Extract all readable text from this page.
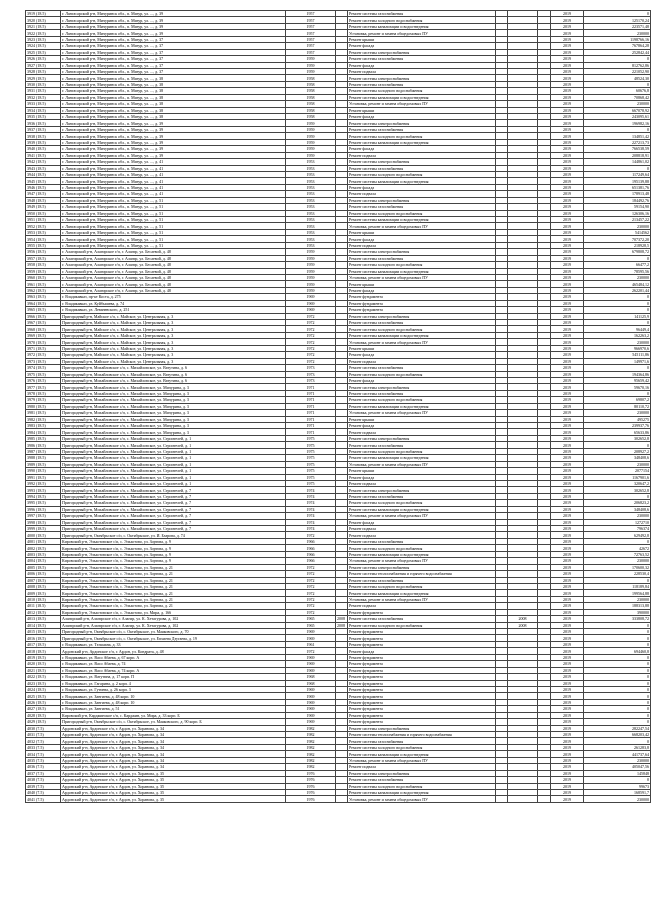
3919 (18.5)	г. Лангасарский р-н, Мичуринск обл., п. Мизур, ул. ..., д. 39	1957		Ремонт системы газоснабжения				2019	0
3920 (18.5)	г. Лангасарский р-н, Мичуринск обл., п. Мизур, ул. ..., д. 39	1957		Ремонт системы холодного водоснабжения				2019	125170,24
3921 (18.5)	г. Лангасарский р-н, Мичуринск обл., п. Мизур, ул. ..., д. 39	1957		Ремонт системы канализации и водоотведения				2019	223571,48
3922 (18.5)	г. Лангасарский р-н, Мичуринск обл., п. Мизур, ул. ..., д. 39	1957		Установка, ремонт и замена общедомовых ПУ				2019	230000
3923 (18.5)	г. Лангасарский р-н, Мичуринск обл., п. Мизур, ул. ..., д. 37	1957		Ремонт крыши				2019	1198766,16
3924 (18.5)	г. Лангасарский р-н, Мичуринск обл., п. Мизур, ул. ..., д. 37	1957		Ремонт фасада				2019	767864,28
3925 (18.5)	г. Лангасарский р-н, Мичуринск обл., п. Мизур, ул. ..., д. 37	1957		Ремонт системы электроснабжения				2019	252842,44
3926 (18.5)	г. Лангасарский р-н, Мичуринск обл., п. Мизур, ул. ..., д. 37	1959		Ремонт системы газоснабжения				2019	0
3927 (18.5)	г. Лангасарский р-н, Мичуринск обл., п. Мизур, ул. ..., д. 37	1959		Ремонт фасада				2019	812762,86
3928 (18.5)	г. Лангасарский р-н, Мичуринск обл., п. Мизур, ул. ..., д. 37	1959		Ремонт подвала				2019	221052,90
3929 (18.5)	г. Лангасарский р-н, Мичуринск обл., п. Мизур, ул. ..., д. 38	1958		Ремонт системы электроснабжения				2019	48524,30
3930 (18.5)	г. Лангасарский р-н, Мичуринск обл., п. Мизур, ул. ..., д. 38	1958		Ремонт системы газоснабжения				2019	0
3931 (18.5)	г. Лангасарский р-н, Мичуринск обл., п. Мизур, ул. ..., д. 38	1958		Ремонт системы холодного водоснабжения				2019	60676,8
3932 (18.5)	г. Лангасарский р-н, Мичуринск обл., п. Мизур, ул. ..., д. 38	1958		Ремонт системы канализации и водоотведения				2019	70868,42
3933 (18.5)	г. Лангасарский р-н, Мичуринск обл., п. Мизур, ул. ..., д. 38	1958		Установка, ремонт и замена общедомовых ПУ				2019	230000
3934 (18.5)	г. Лангасарский р-н, Мичуринск обл., п. Мизур, ул. ..., д. 38	1958		Ремонт крыши				2019	667078,92
3935 (18.5)	г. Лангасарский р-н, Мичуринск обл., п. Мизур, ул. ..., д. 38	1958		Ремонт фасада				2019	243095,61
3936 (18.5)	г. Лангасарский р-н, Мичуринск обл., п. Мизур, ул. ..., д. 39	1959		Ремонт системы электроснабжения				2019	196982,16
3937 (18.5)	г. Лангасарский р-н, Мичуринск обл., п. Мизур, ул. ..., д. 39	1959		Ремонт системы газоснабжения				2019	0
3938 (18.5)	г. Лангасарский р-н, Мичуринск обл., п. Мизур, ул. ..., д. 39	1959		Ремонт системы холодного водоснабжения				2019	134851,42
3939 (18.5)	г. Лангасарский р-н, Мичуринск обл., п. Мизур, ул. ..., д. 39	1959		Ремонт системы канализации и водоотведения				2019	227213,73
3940 (18.5)	г. Лангасарский р-н, Мичуринск обл., п. Мизур, ул. ..., д. 39	1959		Ремонт фасада				2019	766538,59
3941 (18.5)	г. Лангасарский р-н, Мичуринск обл., п. Мизур, ул. ..., д. 39	1959		Ремонт подвала				2019	208818,91
3942 (18.5)	г. Лангасарский р-н, Мичуринск обл., п. Мизур, ул. ..., д. 41	1953		Ремонт системы электроснабжения				2019	144861,02
3943 (18.5)	г. Лангасарский р-н, Мичуринск обл., п. Мизур, ул. ..., д. 41	1953		Ремонт системы газоснабжения				2019	0
3944 (18.5)	г. Лангасарский р-н, Мичуринск обл., п. Мизур, ул. ..., д. 41	1953		Ремонт системы холодного водоснабжения				2019	117249,64
3945 (18.5)	г. Лангасарский р-н, Мичуринск обл., п. Мизур, ул. ..., д. 41	1953		Ремонт системы канализации и водоотведения				2019	195139,88
3946 (18.5)	г. Лангасарский р-н, Мичуринск обл., п. Мизур, ул. ..., д. 41	1953		Ремонт фасада				2019	651381,76
3947 (18.5)	г. Лангасарский р-н, Мичуринск обл., п. Мизур, ул. ..., д. 41	1953		Ремонт подвала				2019	178913,48
3948 (18.5)	г. Лангасарский р-н, Мичуринск обл., п. Мизур, ул. ..., д. 51	1953		Ремонт системы электроснабжения				2019	184492,76
3949 (18.5)	г. Лангасарский р-н, Мичуринск обл., п. Мизур, ул. ..., д. 51	1953		Ремонт системы газоснабжения				2019	59154,90
3950 (18.5)	г. Лангасарский р-н, Мичуринск обл., п. Мизур, ул. ..., д. 51	1953		Ремонт системы холодного водоснабжения				2019	126306,16
3951 (18.5)	г. Лангасарский р-н, Мичуринск обл., п. Мизур, ул. ..., д. 51	1953		Ремонт системы канализации и водоотведения				2019	213457,22
3952 (18.5)	г. Лангасарский р-н, Мичуринск обл., п. Мизур, ул. ..., д. 51	1953		Установка, ремонт и замена общедомовых ПУ				2019	230000
3953 (18.5)	г. Лангасарский р-н, Мичуринск обл., п. Мизур, ул. ..., д. 51	1953		Ремонт крыши				2019	5414562
3954 (18.5)	г. Лангасарский р-н, Мичуринск обл., п. Мизур, ул. ..., д. 51	1953		Ремонт фасада				2019	707372,20
3955 (18.5)	г. Лангасарский р-н, Мичуринск обл., п. Мизур, ул. ..., д. 51	1953		Ремонт подвала				2019	218928,5
3956 (18.5)	г. Алагирский р-н, Алагирское г/п, г. Алагир, ул. Бесаевой, д. 48	1959		Ремонт системы электроснабжения				2019	679808,72
3957 (18.5)	г. Алагирский р-н, Алагирское г/п, г. Алагир, ул. Бесаевой, д. 48	1959		Ремонт системы газоснабжения				2019	0
3958 (18.5)	г. Алагирский р-н, Алагирское г/п, г. Алагир, ул. Бесаевой, д. 48	1959		Ремонт системы холодного водоснабжения				2019	66477,2
3959 (18.5)	г. Алагирский р-н, Алагирское г/п, г. Алагир, ул. Бесаевой, д. 48	1959		Ремонт системы канализации и водоотведения				2019	78595,56
3960 (18.5)	г. Алагирский р-н, Алагирское г/п, г. Алагир, ул. Бесаевой, д. 48	1959		Установка, ремонт и замена общедомовых ПУ				2019	230000
3961 (18.5)	г. Алагирский р-н, Алагирское г/п, г. Алагир, ул. Бесаевой, д. 48	1959		Ремонт крыши				2019	465484,12
3962 (18.5)	г. Алагирский р-н, Алагирское г/п, г. Алагир, ул. Бесаевой, д. 48	1959		Ремонт фасада				2019	262201,44
3963 (18.5)	г. Владикавказ, пр-кт Коста, д. 275	1969		Ремонт фундамента				2019	0
3964 (18.5)	г. Владикавказ, ул. Куйбышева, д. 74	1969		Ремонт фундамента				2019	0
3965 (18.5)	г. Владикавказ, ул. Леваневского, д. 251	1969		Ремонт фундамента				2019	0
3966 (18.5)	Пригородный р-н, Майское с/п, с. Майское, ул. Центральная, д. 3	1972		Ремонт системы электроснабжения				2019	141125,9
3967 (18.5)	Пригородный р-н, Майское с/п, с. Майское, ул. Центральная, д. 3	1972		Ремонт системы газоснабжения				2019	0
3968 (18.5)	Пригородный р-н, Майское с/п, с. Майское, ул. Центральная, д. 3	1972		Ремонт системы холодного водоснабжения				2019	96449,4
3969 (18.5)	Пригородный р-н, Майское с/п, с. Майское, ул. Центральная, д. 3	1972		Ремонт системы канализации и водоотведения				2019	162263,2
3970 (18.5)	Пригородный р-н, Майское с/п, с. Майское, ул. Центральная, д. 3	1972		Установка, ремонт и замена общедомовых ПУ				2019	230000
3971 (18.5)	Пригородный р-н, Майское с/п, с. Майское, ул. Центральная, д. 3	1972		Ремонт крыши				2019	966970,6
3972 (18.5)	Пригородный р-н, Майское с/п, с. Майское, ул. Центральная, д. 3	1972		Ремонт фасада				2019	545111,86
3973 (18.5)	Пригородный р-н, Майское с/п, с. Майское, ул. Центральная, д. 3	1972		Ремонт подвала				2019	149971,6
3974 (18.5)	Пригородный р-н, Михайловское с/п, с. Михайловское, ул. Ватутина, д. 6	1973		Ремонт системы газоснабжения				2019	0
3975 (18.5)	Пригородный р-н, Михайловское с/п, с. Михайловское, ул. Ватутина, д. 6	1973		Ремонт системы холодного водоснабжения				2019	194364,86
3976 (18.5)	Пригородный р-н, Михайловское с/п, с. Михайловское, ул. Ватутина, д. 6	1973		Ремонт фасада				2019	95659,42
3977 (18.5)	Пригородный р-н, Михайловское с/п, с. Михайловское, ул. Мичурина, д. 3	1971		Ремонт системы электроснабжения				2019	59670,16
3978 (18.5)	Пригородный р-н, Михайловское с/п, с. Михайловское, ул. Мичурина, д. 3	1971		Ремонт системы газоснабжения				2019	0
3979 (18.5)	Пригородный р-н, Михайловское с/п, с. Михайловское, ул. Мичурина, д. 3	1971		Ремонт системы холодного водоснабжения				2019	69807,2
3980 (18.5)	Пригородный р-н, Михайловское с/п, с. Михайловское, ул. Мичурина, д. 3	1971		Ремонт системы канализации и водоотведения				2019	80110,72
3981 (18.5)	Пригородный р-н, Михайловское с/п, с. Михайловское, ул. Мичурина, д. 3	1971		Установка, ремонт и замена общедомовых ПУ				2019	230000
3982 (18.5)	Пригородный р-н, Михайловское с/п, с. Михайловское, ул. Мичурина, д. 3	1971		Ремонт крыши				2019	495275
3983 (18.5)	Пригородный р-н, Михайловское с/п, с. Михайловское, ул. Мичурина, д. 3	1971		Ремонт фасада				2019	239937,76
3984 (18.5)	Пригородный р-н, Михайловское с/п, с. Михайловское, ул. Мичурина, д. 3	1971		Ремонт подвала				2019	65633,86
3985 (18.5)	Пригородный р-н, Михайловское с/п, с. Михайловское, ул. Строителей, д. 1	1975		Ремонт системы электроснабжения				2019	302652,8
3986 (18.5)	Пригородный р-н, Михайловское с/п, с. Михайловское, ул. Строителей, д. 1	1975		Ремонт системы газоснабжения				2019	0
3987 (18.5)	Пригородный р-н, Михайловское с/п, с. Михайловское, ул. Строителей, д. 1	1975		Ремонт системы холодного водоснабжения				2019	208927,2
3988 (18.5)	Пригородный р-н, Михайловское с/п, с. Михайловское, ул. Строителей, д. 1	1975		Ремонт системы канализации и водоотведения				2019	348408,6
3989 (18.5)	Пригородный р-н, Михайловское с/п, с. Михайловское, ул. Строителей, д. 1	1975		Установка, ремонт и замена общедомовых ПУ				2019	230000
3990 (18.5)	Пригородный р-н, Михайловское с/п, с. Михайловское, ул. Строителей, д. 1	1975		Ремонт крыши				2019	2077154
3991 (18.5)	Пригородный р-н, Михайловское с/п, с. Михайловское, ул. Строителей, д. 1	1975		Ремонт фасада				2019	1167901,6
3992 (18.5)	Пригородный р-н, Михайловское с/п, с. Михайловское, ул. Строителей, д. 1	1975		Ремонт подвала				2019	320647,2
3993 (18.5)	Пригородный р-н, Михайловское с/п, с. Михайловское, ул. Строителей, д. 7	1974		Ремонт системы электроснабжения				2019	302652,8
3994 (18.5)	Пригородный р-н, Михайловское с/п, с. Михайловское, ул. Строителей, д. 7	1974		Ремонт системы газоснабжения				2019	0
3995 (18.5)	Пригородный р-н, Михайловское с/п, с. Михайловское, ул. Строителей, д. 7	1974		Ремонт системы холодного водоснабжения				2019	206823,2
3996 (18.5)	Пригородный р-н, Михайловское с/п, с. Михайловское, ул. Строителей, д. 7	1974		Ремонт системы канализации и водоотведения				2019	348408,6
3997 (18.5)	Пригородный р-н, Михайловское с/п, с. Михайловское, ул. Строителей, д. 7	1974		Установка, ремонт и замена общедомовых ПУ				2019	230000
3998 (18.5)	Пригородный р-н, Михайловское с/п, с. Михайловское, ул. Строителей, д. 7	1974		Ремонт фасада				2019	1272710
3999 (18.5)	Пригородный р-н, Михайловское с/п, с. Михайловское, ул. Строителей, д. 7	1974		Ремонт подвала				2019	796374
4000 (18.5)	Пригородный р-н, Октябрьское с/п, с. Октябрьское, ул. И. Бзарова, д. 74	1972		Ремонт подвала				2019	629492,8
4001 (18.5)	Кировский р-н, Эльхотовское с/п, с. Эльхотово, ул. Зортова, д. 9	1966		Ремонт системы газоснабжения				2019	0
4002 (18.5)	Кировский р-н, Эльхотовское с/п, с. Эльхотово, ул. Зортова, д. 9	1966		Ремонт системы холодного водоснабжения				2019	42672
4003 (18.5)	Кировский р-н, Эльхотовское с/п, с. Эльхотово, ул. Зортова, д. 9	1966		Ремонт системы канализации и водоотведения				2019	72763,52
4004 (18.5)	Кировский р-н, Эльхотовское с/п, с. Эльхотово, ул. Зортова, д. 9	1966		Установка, ремонт и замена общедомовых ПУ				2019	230000
4005 (18.5)	Кировский р-н, Эльхотовское с/п, с. Эльхотово, ул. Зортова, д. 21	1972		Ремонт системы электроснабжения				2019	170600,32
4006 (18.5)	Кировский р-н, Эльхотовское с/п, с. Эльхотово, ул. Зортова, д. 21	1972		Ремонт системы теплоснабжения и горячего водоснабжения				2019	228530,4
4007 (18.5)	Кировский р-н, Эльхотовское с/п, с. Эльхотово, ул. Зортова, д. 21	1972		Ремонт системы газоснабжения				2019	0
4008 (18.5)	Кировский р-н, Эльхотовское с/п, с. Эльхотово, ул. Зортова, д. 21	1972		Ремонт системы холодного водоснабжения				2019	118189,84
4009 (18.5)	Кировский р-н, Эльхотовское с/п, с. Эльхотово, ул. Зортова, д. 21	1972		Ремонт системы канализации и водоотведения				2019	199564,88
4010 (18.5)	Кировский р-н, Эльхотовское с/п, с. Эльхотово, ул. Зортова, д. 21	1972		Установка, ремонт и замена общедомовых ПУ				2019	230000
4011 (18.5)	Кировский р-н, Эльхотовское с/п, с. Эльхотово, ул. Зортова, д. 21	1972		Ремонт подвала				2019	188313,88
4012 (18.5)	Кировский р-н, Эльхотовское с/п, с. Эльхотово, ул. Мира, д. 166	1972		Ремонт фундамента				2019	390000
4013 (18.5)	Алагирский р-н, Алагирское г/п, г. Алагир, ул. К. Хетагурова, д. 102	1965	2008	Ремонт системы газоснабжения		2008		2019	333808,72
4014 (18.5)	Алагирский р-н, Алагирское г/п, г. Алагир, ул. К. Хетагурова, д. 102	1965	2008	Ремонт системы холодного водоснабжения		2008		2019	0
4015 (18.5)	Пригородный р-н, Октябрьское с/п, с. Октябрьское, ул. Маяковского, д. 70	1969		Ремонт фундамента				2019	0
4016 (18.5)	Пригородный р-н, Октябрьское с/п, с. Октябрьское, ул. Епхиева Дзугаева, д. 19	1969		Ремонт фундамента				2019	0
4017 (18.5)	г. Владикавказ, ул. Тельмана, д. 33	1961		Ремонт фундамента				2019	0
4018 (18.5)	Ардонский р-н, Ардонское г/п, г. Ардон, ул. Кондрата, д. 48	1972		Ремонт фасада				2019	694460,8
4019 (18.5)	г. Владикавказ, ул. Васо Абаева, д. 67 корп. А	1969		Ремонт фундамента				2019	0
4020 (18.5)	г. Владикавказ, ул. Васо Абаева, д. 74	1969		Ремонт фундамента				2019	0
4021 (18.5)	г. Владикавказ, ул. Васо Абаева, д. 74 корп. А	1969		Ремонт фундамента				2019	0
4022 (18.5)	г. Владикавказ, ул. Ватутина, д. 17 корп. П	1968		Ремонт фундамента				2019	0
4023 (18.5)	г. Владикавказ, ул. Гагарина, д. 2 корп. 4	1968		Ремонт фундамента				2019	0
4024 (18.5)	г. Владикавказ, ул. Гутиева, д. 26 корп. 3	1969		Ремонт фундамента				2019	0
4025 (18.5)	г. Владикавказ, ул. Зангиева, д. 48 корп. 10	1969		Ремонт фундамента				2019	0
4026 (18.5)	г. Владикавказ, ул. Зангиева, д. 48 корп. 10	1969		Ремонт фундамента				2019	0
4027 (18.5)	г. Владикавказ, ул. Зангиева, д. 51	1969		Ремонт фундамента				2019	0
4028 (18.5)	Кировский р-н, Карджинское с/п, с. Карджин, ул. Мира, д. 33 корп. Б	1969		Ремонт фундамента				2019	0
4029 (18.5)	Пригородный р-н, Октябрьское с/п, с. Октябрьское, ул. Маяковского, д. 90 корп. Б	1969		Ремонт фундамента				2019	0
4030 (7.5)	Ардонский р-н, Ардонское г/п, г. Ардон, ул. Хоранова, д. 34	1982		Ремонт системы электроснабжения				2019	282247,54
4031 (7.5)	Ардонский р-н, Ардонское г/п, г. Ардон, ул. Хоранова, д. 34	1982		Ремонт системы теплоснабжения и горячего водоснабжения				2019	668203,42
4032 (7.5)	Ардонский р-н, Ардонское г/п, г. Ардон, ул. Хоранова, д. 34	1982		Ремонт системы газоснабжения				2019	0
4033 (7.5)	Ардонский р-н, Ардонское г/п, г. Ардон, ул. Хоранова, д. 34	1982		Ремонт системы холодного водоснабжения				2019	261283,8
4034 (7.5)	Ардонский р-н, Ардонское г/п, г. Ардон, ул. Хоранова, д. 34	1982		Ремонт системы канализации и водоотведения				2019	441737,64
4035 (7.5)	Ардонский р-н, Ардонское г/п, г. Ардон, ул. Хоранова, д. 34	1982		Установка, ремонт и замена общедомовых ПУ				2019	230000
4036 (7.5)	Ардонский р-н, Ардонское г/п, г. Ардон, ул. Хоранова, д. 34	1982		Ремонт подвала				2019	405047,56
4037 (7.5)	Ардонский р-н, Ардонское г/п, г. Ардон, ул. Хоранова, д. 35	1976		Ремонт системы электроснабжения				2019	145848
4038 (7.5)	Ардонский р-н, Ардонское г/п, г. Ардон, ул. Хоранова, д. 35	1976		Ремонт системы газоснабжения				2019	0
4039 (7.5)	Ардонский р-н, Ардонское г/п, г. Ардон, ул. Хоранова, д. 35	1976		Ремонт системы холодного водоснабжения				2019	99673
4040 (7.5)	Ардонский р-н, Ардонское г/п, г. Ардон, ул. Хоранова, д. 35	1976		Ремонт системы канализации и водоотведения				2019	168591,7
4041 (7.5)	Ардонский р-н, Ардонское г/п, г. Ардон, ул. Хоранова, д. 35	1976		Установка, ремонт и замена общедомовых ПУ				2019	230000
